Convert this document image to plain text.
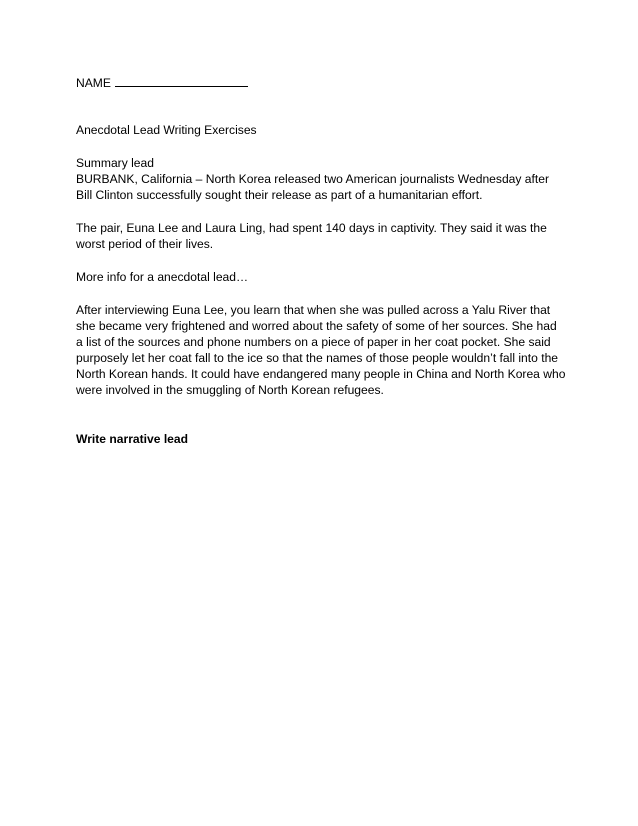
NAME

Anecdotal Lead Writing Exercises

Summary lead

BURBANK, California – North Korea released two American journalists Wednesday after Bill Clinton successfully sought their release as part of a humanitarian effort.

The pair, Euna Lee and Laura Ling, had spent 140 days in captivity. They said it was the worst period of their lives.

More info for a anecdotal lead…

After interviewing Euna Lee, you learn that when she was pulled across a Yalu River that she became very frightened and worred about the safety of some of her sources. She had a list of the sources and phone numbers on a piece of paper in her coat pocket. She said purposely let her coat fall to the ice so that the names of those people wouldn’t fall into the North Korean hands. It could have endangered many people in China and North Korea who were involved in the smuggling of North Korean refugees.

Write narrative lead
